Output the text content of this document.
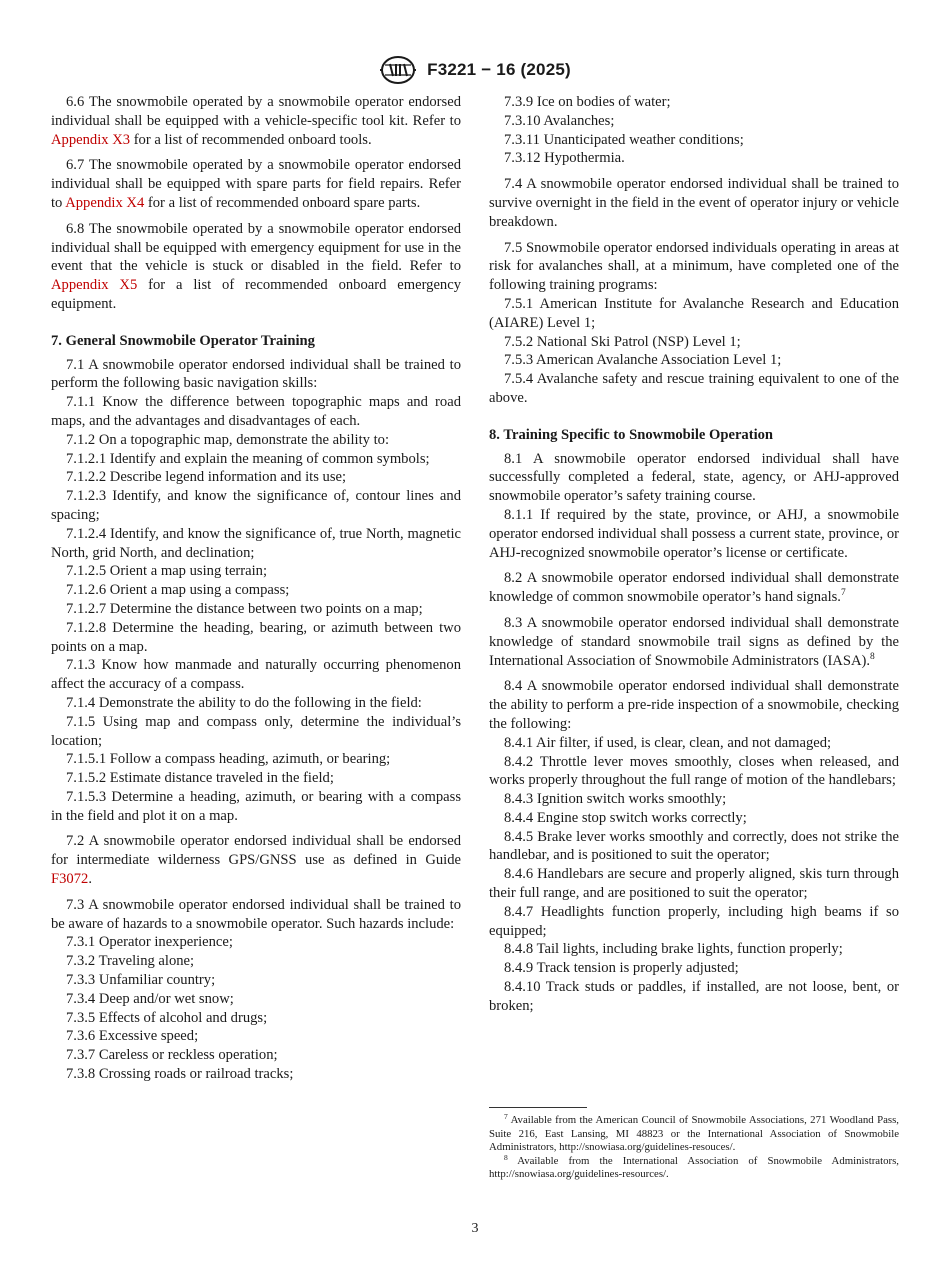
F3221 − 16 (2025)

6.6 The snowmobile operated by a snowmobile operator endorsed individual shall be equipped with a vehicle-specific tool kit. Refer to Appendix X3 for a list of recommended onboard tools.

6.7 The snowmobile operated by a snowmobile operator endorsed individual shall be equipped with spare parts for field repairs. Refer to Appendix X4 for a list of recommended onboard spare parts.

6.8 The snowmobile operated by a snowmobile operator endorsed individual shall be equipped with emergency equipment for use in the event that the vehicle is stuck or disabled in the field. Refer to Appendix X5 for a list of recommended onboard emergency equipment.

7. General Snowmobile Operator Training

7.1 A snowmobile operator endorsed individual shall be trained to perform the following basic navigation skills:

7.1.1 Know the difference between topographic maps and road maps, and the advantages and disadvantages of each.

7.1.2 On a topographic map, demonstrate the ability to:

7.1.2.1 Identify and explain the meaning of common symbols;

7.1.2.2 Describe legend information and its use;

7.1.2.3 Identify, and know the significance of, contour lines and spacing;

7.1.2.4 Identify, and know the significance of, true North, magnetic North, grid North, and declination;

7.1.2.5 Orient a map using terrain;

7.1.2.6 Orient a map using a compass;

7.1.2.7 Determine the distance between two points on a map;

7.1.2.8 Determine the heading, bearing, or azimuth between two points on a map.

7.1.3 Know how manmade and naturally occurring phenomenon affect the accuracy of a compass.

7.1.4 Demonstrate the ability to do the following in the field:

7.1.5 Using map and compass only, determine the individual’s location;

7.1.5.1 Follow a compass heading, azimuth, or bearing;

7.1.5.2 Estimate distance traveled in the field;

7.1.5.3 Determine a heading, azimuth, or bearing with a compass in the field and plot it on a map.

7.2 A snowmobile operator endorsed individual shall be endorsed for intermediate wilderness GPS/GNSS use as defined in Guide F3072.

7.3 A snowmobile operator endorsed individual shall be trained to be aware of hazards to a snowmobile operator. Such hazards include:

7.3.1 Operator inexperience;

7.3.2 Traveling alone;

7.3.3 Unfamiliar country;

7.3.4 Deep and/or wet snow;

7.3.5 Effects of alcohol and drugs;

7.3.6 Excessive speed;

7.3.7 Careless or reckless operation;

7.3.8 Crossing roads or railroad tracks;

7.3.9 Ice on bodies of water;

7.3.10 Avalanches;

7.3.11 Unanticipated weather conditions;

7.3.12 Hypothermia.

7.4 A snowmobile operator endorsed individual shall be trained to survive overnight in the field in the event of operator injury or vehicle breakdown.

7.5 Snowmobile operator endorsed individuals operating in areas at risk for avalanches shall, at a minimum, have completed one of the following training programs:

7.5.1 American Institute for Avalanche Research and Education (AIARE) Level 1;

7.5.2 National Ski Patrol (NSP) Level 1;

7.5.3 American Avalanche Association Level 1;

7.5.4 Avalanche safety and rescue training equivalent to one of the above.

8. Training Specific to Snowmobile Operation

8.1 A snowmobile operator endorsed individual shall have successfully completed a federal, state, agency, or AHJ-approved snowmobile operator’s safety training course.

8.1.1 If required by the state, province, or AHJ, a snowmobile operator endorsed individual shall possess a current state, province, or AHJ-recognized snowmobile operator’s license or certificate.

8.2 A snowmobile operator endorsed individual shall demonstrate knowledge of common snowmobile operator’s hand signals.$^7$

8.3 A snowmobile operator endorsed individual shall demonstrate knowledge of standard snowmobile trail signs as defined by the International Association of Snowmobile Administrators (IASA).$^8$

8.4 A snowmobile operator endorsed individual shall demonstrate the ability to perform a pre-ride inspection of a snowmobile, checking the following:

8.4.1 Air filter, if used, is clear, clean, and not damaged;

8.4.2 Throttle lever moves smoothly, closes when released, and works properly throughout the full range of motion of the handlebars;

8.4.3 Ignition switch works smoothly;

8.4.4 Engine stop switch works correctly;

8.4.5 Brake lever works smoothly and correctly, does not strike the handlebar, and is positioned to suit the operator;

8.4.6 Handlebars are secure and properly aligned, skis turn through their full range, and are positioned to suit the operator;

8.4.7 Headlights function properly, including high beams if so equipped;

8.4.8 Tail lights, including brake lights, function properly;

8.4.9 Track tension is properly adjusted;

8.4.10 Track studs or paddles, if installed, are not loose, bent, or broken;

$^7$ Available from the American Council of Snowmobile Associations, 271 Woodland Pass, Suite 216, East Lansing, MI 48823 or the International Association of Snowmobile Administrators, http://snowiasa.org/guidelines-resouces/.

$^8$ Available from the International Association of Snowmobile Administrators, http://snowiasa.org/guidelines-resources/.

3
